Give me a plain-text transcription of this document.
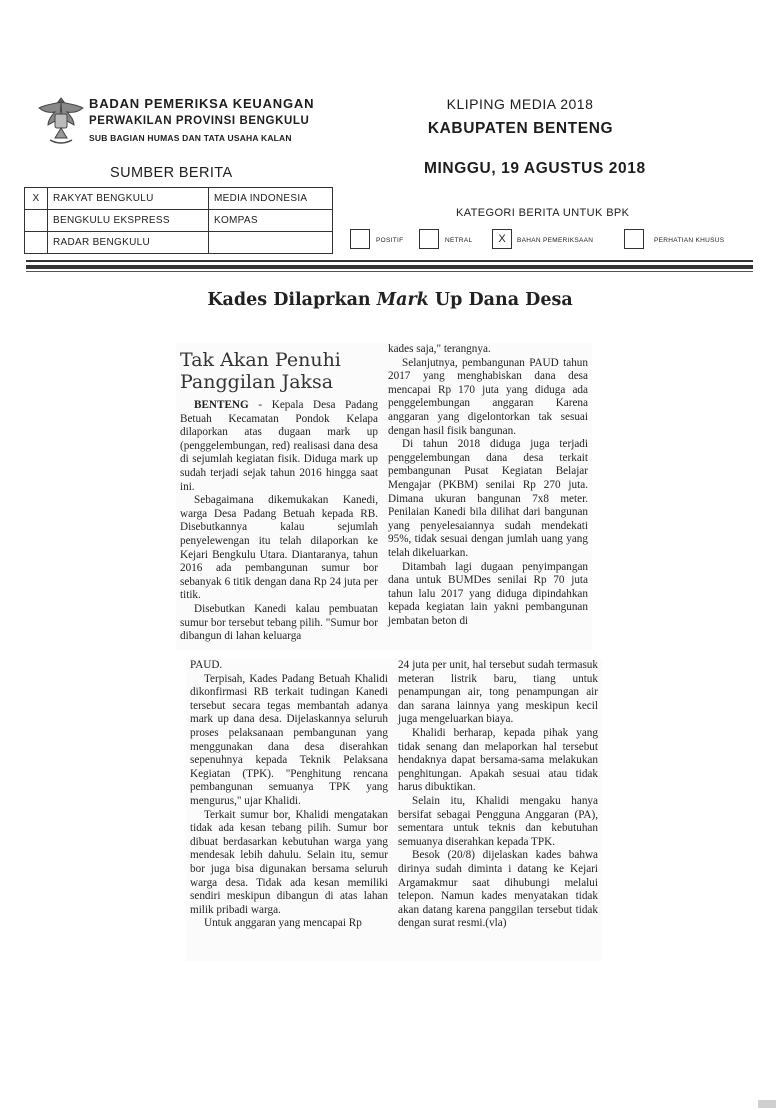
BADAN PEMERIKSA KEUANGAN
PERWAKILAN PROVINSI BENGKULU
SUB BAGIAN HUMAS DAN TATA USAHA KALAN
KLIPING MEDIA 2018
KABUPATEN BENTENG
SUMBER BERITA	MINGGU, 19 AGUSTUS 2018
X	RAKYAT BENGKULU	MEDIA INDONESIA
	BENGKULU EKSPRESS	KOMPAS
	RADAR BENGKULU	
KATEGORI BERITA UNTUK BPK
POSITIF	NETRAL	X	BAHAN PEMERIKSAAN	PERHATIAN KHUSUS
Kades Dilaprkan Mark Up Dana Desa
Tak Akan Penuhi Panggilan Jaksa

BENTENG - Kepala Desa Padang Betuah Kecamatan Pondok Kelapa dilaporkan atas dugaan mark up (penggelembungan, red) realisasi dana desa di sejumlah kegiatan fisik. Diduga mark up sudah terjadi sejak tahun 2016 hingga saat ini.

Sebagaimana dikemukakan Kanedi, warga Desa Padang Betuah kepada RB. Disebutkannya kalau sejumlah penyelewengan itu telah dilaporkan ke Kejari Bengkulu Utara. Diantaranya, tahun 2016 ada pembangunan sumur bor sebanyak 6 titik dengan dana Rp 24 juta per titik.

Disebutkan Kanedi kalau pembuatan sumur bor tersebut tebang pilih. "Sumur bor dibangun di lahan keluarga

kades saja," terangnya.

Selanjutnya, pembangunan PAUD tahun 2017 yang menghabiskan dana desa mencapai Rp 170 juta yang diduga ada penggelembungan anggaran Karena anggaran yang digelontorkan tak sesuai dengan hasil fisik bangunan.

Di tahun 2018 diduga juga terjadi penggelembungan dana desa terkait pembangunan Pusat Kegiatan Belajar Mengajar (PKBM) senilai Rp 270 juta. Dimana ukuran bangunan 7x8 meter. Penilaian Kanedi bila dilihat dari bangunan yang penyelesaiannya sudah mendekati 95%, tidak sesuai dengan jumlah uang yang telah dikeluarkan.

Ditambah lagi dugaan penyimpangan dana untuk BUMDes senilai Rp 70 juta tahun lalu 2017 yang diduga dipindahkan kepada kegiatan lain yakni pembangunan jembatan beton di

PAUD.

Terpisah, Kades Padang Betuah Khalidi dikonfirmasi RB terkait tudingan Kanedi tersebut secara tegas membantah adanya mark up dana desa. Dijelaskannya seluruh proses pelaksanaan pembangunan yang menggunakan dana desa diserahkan sepenuhnya kepada Teknik Pelaksana Kegiatan (TPK). "Penghitung rencana pembangunan semuanya TPK yang mengurus," ujar Khalidi.

Terkait sumur bor, Khalidi mengatakan tidak ada kesan tebang pilih. Sumur bor dibuat berdasarkan kebutuhan warga yang mendesak lebih dahulu. Selain itu, semur bor juga bisa digunakan bersama seluruh warga desa. Tidak ada kesan memiliki sendiri meskipun dibangun di atas lahan milik pribadi warga.

Untuk anggaran yang mencapai Rp

24 juta per unit, hal tersebut sudah termasuk meteran listrik baru, tiang untuk penampungan air, tong penampungan air dan sarana lainnya yang meskipun kecil juga mengeluarkan biaya.

Khalidi berharap, kepada pihak yang tidak senang dan melaporkan hal tersebut hendaknya dapat bersama-sama melakukan penghitungan. Apakah sesuai atau tidak harus dibuktikan.

Selain itu, Khalidi mengaku hanya bersifat sebagai Pengguna Anggaran (PA), sementara untuk teknis dan kebutuhan semuanya diserahkan kepada TPK.

Besok (20/8) dijelaskan kades bahwa dirinya sudah diminta i datang ke Kejari Argamakmur saat dihubungi melalui telepon. Namun kades menyatakan tidak akan datang karena panggilan tersebut tidak dengan surat resmi.(vla)
